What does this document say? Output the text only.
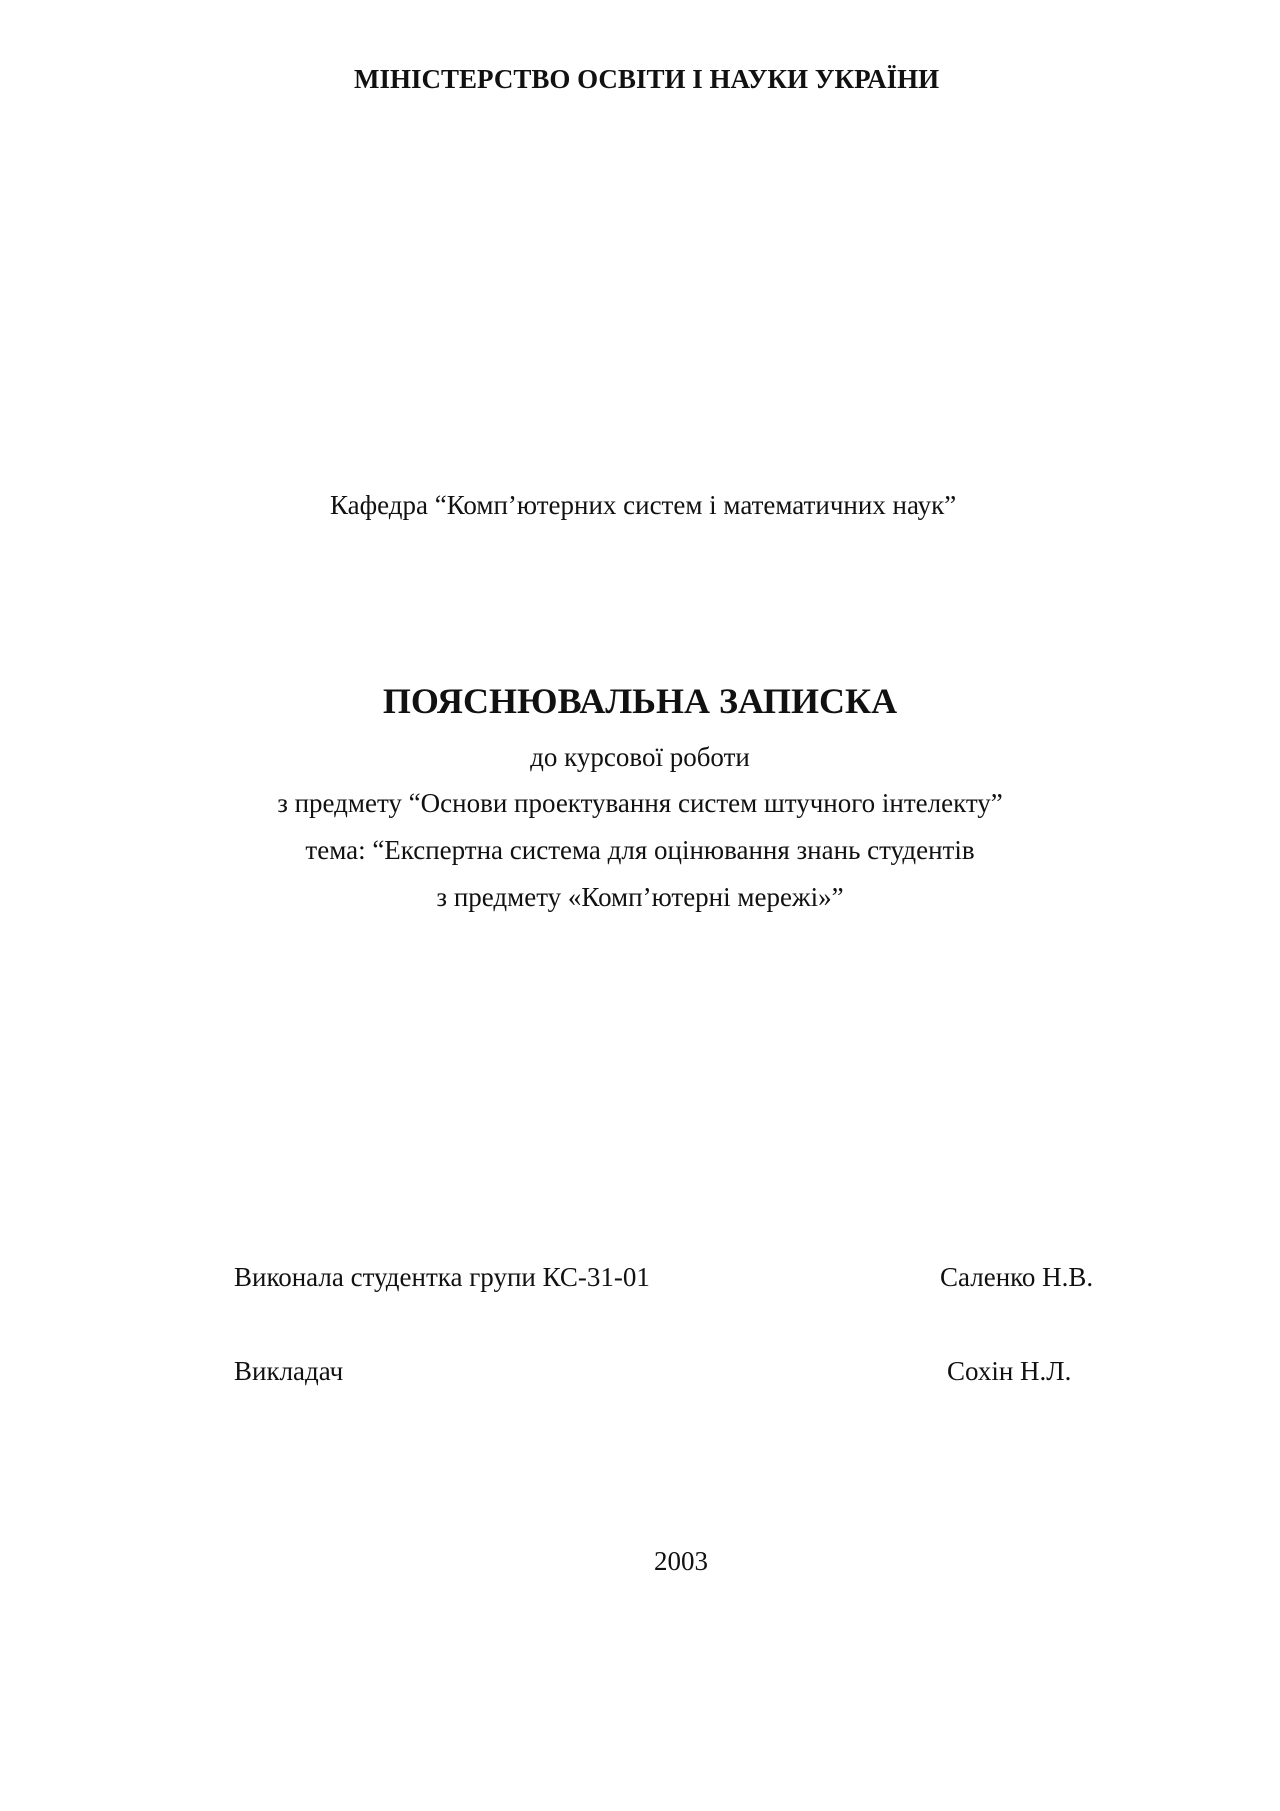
МІНІСТЕРСТВО ОСВІТИ І НАУКИ УКРАЇНИ
Кафедра “Комп’ютерних систем і математичних наук”
ПОЯСНЮВАЛЬНА ЗАПИСКА
до курсової роботи
з предмету “Основи проектування систем штучного інтелекту”
тема: “Експертна система для оцінювання знань студентів
з предмету «Комп’ютерні мережі»”
Виконала студентка групи КС-31-01	Саленко Н.В.
Викладач	Сохін Н.Л.
2003
